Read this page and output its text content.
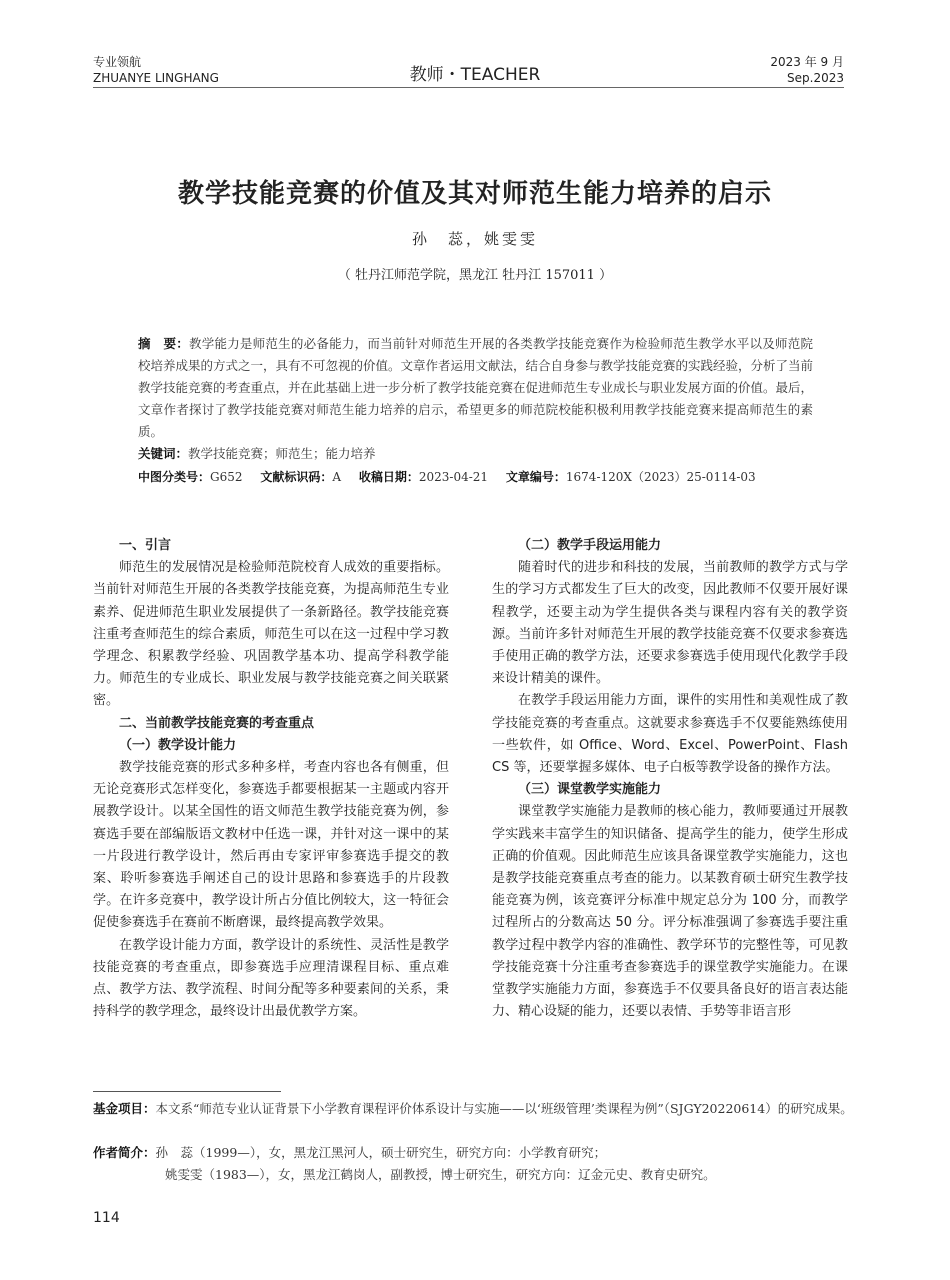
专业领航
ZHUANYE LINGHANG	教师・TEACHER
2023 年 9 月
Sep.2023
教学技能竞赛的价值及其对师范生能力培养的启示
孙　蕊，姚雯雯
（ 牡丹江师范学院，黑龙江 牡丹江 157011 ）
摘　要：教学能力是师范生的必备能力，而当前针对师范生开展的各类教学技能竞赛作为检验师范生教学水平以及师范院校培养成果的方式之一，具有不可忽视的价值。文章作者运用文献法，结合自身参与教学技能竞赛的实践经验，分析了当前教学技能竞赛的考查重点，并在此基础上进一步分析了教学技能竞赛在促进师范生专业成长与职业发展方面的价值。最后，文章作者探讨了教学技能竞赛对师范生能力培养的启示，希望更多的师范院校能积极利用教学技能竞赛来提高师范生的素质。
关键词：教学技能竞赛；师范生；能力培养
中图分类号：G652 文献标识码：A 收稿日期：2023-04-21 文章编号：1674-120X（2023）25-0114-03
一、引言

师范生的发展情况是检验师范院校育人成效的重要指标。当前针对师范生开展的各类教学技能竞赛，为提高师范生专业素养、促进师范生职业发展提供了一条新路径。教学技能竞赛注重考查师范生的综合素质，师范生可以在这一过程中学习教学理念、积累教学经验、巩固教学基本功、提高学科教学能力。师范生的专业成长、职业发展与教学技能竞赛之间关联紧密。

二、当前教学技能竞赛的考查重点
（一）教学设计能力

教学技能竞赛的形式多种多样，考查内容也各有侧重，但无论竞赛形式怎样变化，参赛选手都要根据某一主题或内容开展教学设计。以某全国性的语文师范生教学技能竞赛为例，参赛选手要在部编版语文教材中任选一课，并针对这一课中的某一片段进行教学设计，然后再由专家评审参赛选手提交的教案、聆听参赛选手阐述自己的设计思路和参赛选手的片段教学。在许多竞赛中，教学设计所占分值比例较大，这一特征会促使参赛选手在赛前不断磨课，最终提高教学效果。

在教学设计能力方面，教学设计的系统性、灵活性是教学技能竞赛的考查重点，即参赛选手应理清课程目标、重点难点、教学方法、教学流程、时间分配等多种要素间的关系，秉持科学的教学理念，最终设计出最优教学方案。

（二）教学手段运用能力

随着时代的进步和科技的发展，当前教师的教学方式与学生的学习方式都发生了巨大的改变，因此教师不仅要开展好课程教学，还要主动为学生提供各类与课程内容有关的教学资源。当前许多针对师范生开展的教学技能竞赛不仅要求参赛选手使用正确的教学方法，还要求参赛选手使用现代化教学手段来设计精美的课件。

在教学手段运用能力方面，课件的实用性和美观性成了教学技能竞赛的考查重点。这就要求参赛选手不仅要能熟练使用一些软件，如 Office、Word、Excel、PowerPoint、Flash CS 等，还要掌握多媒体、电子白板等教学设备的操作方法。

（三）课堂教学实施能力

课堂教学实施能力是教师的核心能力，教师要通过开展教学实践来丰富学生的知识储备、提高学生的能力，使学生形成正确的价值观。因此师范生应该具备课堂教学实施能力，这也是教学技能竞赛重点考查的能力。以某教育硕士研究生教学技能竞赛为例，该竞赛评分标准中规定总分为 100 分，而教学过程所占的分数高达 50 分。评分标准强调了参赛选手要注重教学过程中教学内容的准确性、教学环节的完整性等，可见教学技能竞赛十分注重考查参赛选手的课堂教学实施能力。在课堂教学实施能力方面，参赛选手不仅要具备良好的语言表达能力、精心设疑的能力，还要以表情、手势等非语言形

基金项目：本文系“师范专业认证背景下小学教育课程评价体系设计与实施——以‘班级管理’类课程为例”（SJGY20220614）的研究成果。
作者简介：孙　蕊（1999—），女，黑龙江黑河人，硕士研究生，研究方向：小学教育研究；
姚雯雯（1983—），女，黑龙江鹤岗人，副教授，博士研究生，研究方向：辽金元史、教育史研究。
114
